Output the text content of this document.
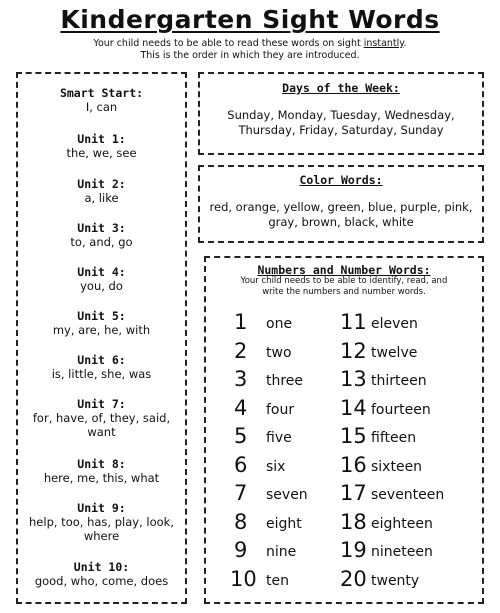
Kindergarten Sight Words
Your child needs to be able to read these words on sight instantly.
This is the order in which they are introduced.
Smart Start:
I, can
Unit 1:
the, we, see
Unit 2:
a, like
Unit 3:
to, and, go
Unit 4:
you, do
Unit 5:
my, are, he, with
Unit 6:
is, little, she, was
Unit 7:
for, have, of, they, said, want
Unit 8:
here, me, this, what
Unit 9:
help, too, has, play, look, where
Unit 10:
good, who, come, does
Days of the Week:
Sunday, Monday, Tuesday, Wednesday, Thursday, Friday, Saturday, Sunday
Color Words:
red, orange, yellow, green, blue, purple, pink, gray, brown, black, white
Numbers and Number Words:
Your child needs to be able to identify, read, and
write the numbers and number words.
1 one 11 eleven
2 two 12 twelve
3 three 13 thirteen
4 four 14 fourteen
5 five 15 fifteen
6 six	16 sixteen
7 seven 17 seventeen
8 eight 18 eighteen
9 nine 19 nineteen
10 ten 20 twenty
